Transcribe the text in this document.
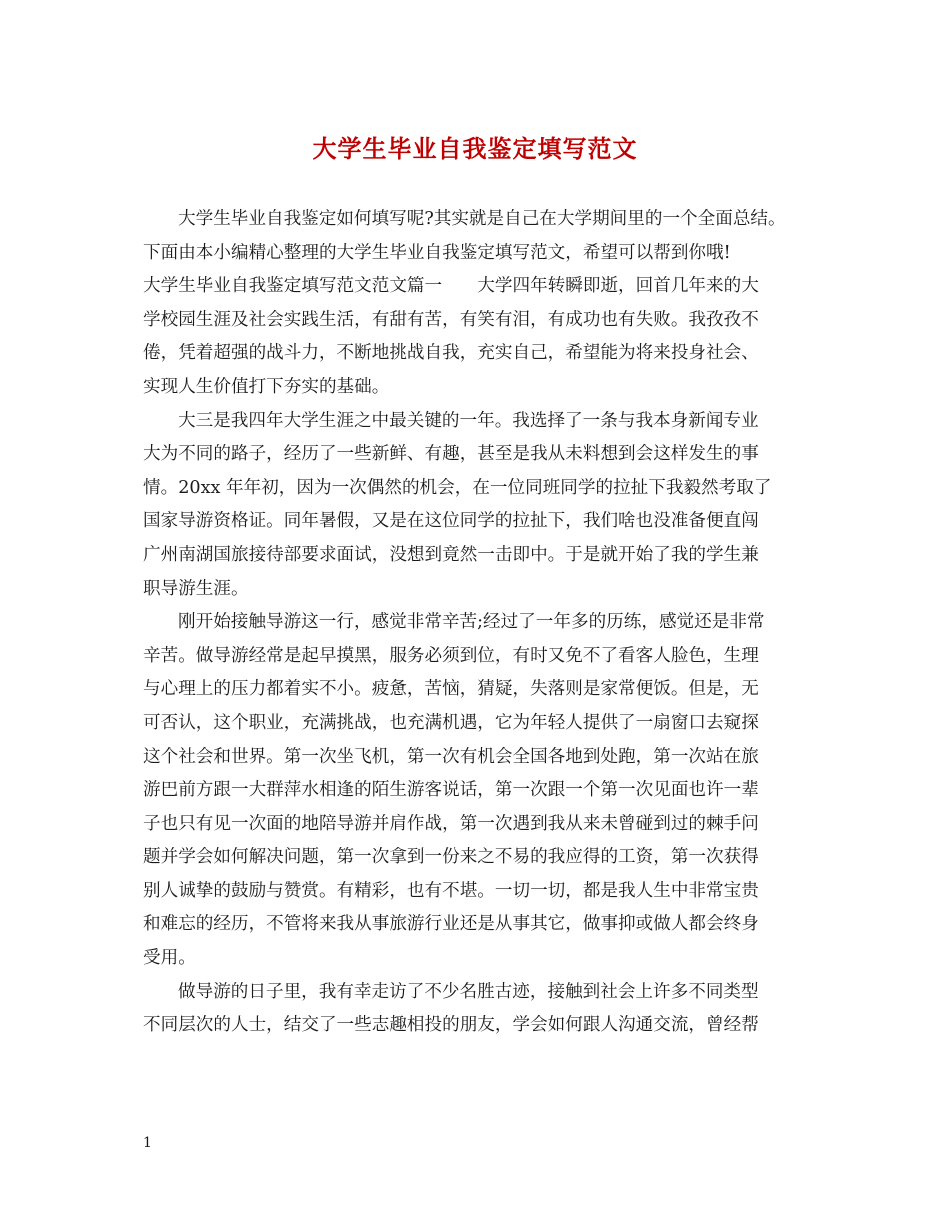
大学生毕业自我鉴定填写范文
大学生毕业自我鉴定如何填写呢?其实就是自己在大学期间里的一个全面总结。
下面由本小编精心整理的大学生毕业自我鉴定填写范文，希望可以帮到你哦!
大学生毕业自我鉴定填写范文范文篇一　　大学四年转瞬即逝，回首几年来的大
学校园生涯及社会实践生活，有甜有苦，有笑有泪，有成功也有失败。我孜孜不
倦，凭着超强的战斗力，不断地挑战自我，充实自己，希望能为将来投身社会、
实现人生价值打下夯实的基础。
大三是我四年大学生涯之中最关键的一年。我选择了一条与我本身新闻专业
大为不同的路子，经历了一些新鲜、有趣，甚至是我从未料想到会这样发生的事
情。20xx 年年初，因为一次偶然的机会，在一位同班同学的拉扯下我毅然考取了
国家导游资格证。同年暑假，又是在这位同学的拉扯下，我们啥也没准备便直闯
广州南湖国旅接待部要求面试，没想到竟然一击即中。于是就开始了我的学生兼
职导游生涯。
刚开始接触导游这一行，感觉非常辛苦;经过了一年多的历练，感觉还是非常
辛苦。做导游经常是起早摸黑，服务必须到位，有时又免不了看客人脸色，生理
与心理上的压力都着实不小。疲惫，苦恼，猜疑，失落则是家常便饭。但是，无
可否认，这个职业，充满挑战，也充满机遇，它为年轻人提供了一扇窗口去窥探
这个社会和世界。第一次坐飞机，第一次有机会全国各地到处跑，第一次站在旅
游巴前方跟一大群萍水相逢的陌生游客说话，第一次跟一个第一次见面也许一辈
子也只有见一次面的地陪导游并肩作战，第一次遇到我从来未曾碰到过的棘手问
题并学会如何解决问题，第一次拿到一份来之不易的我应得的工资，第一次获得
别人诚挚的鼓励与赞赏。有精彩，也有不堪。一切一切，都是我人生中非常宝贵
和难忘的经历，不管将来我从事旅游行业还是从事其它，做事抑或做人都会终身
受用。
做导游的日子里，我有幸走访了不少名胜古迹，接触到社会上许多不同类型
不同层次的人士，结交了一些志趣相投的朋友，学会如何跟人沟通交流，曾经帮
1
